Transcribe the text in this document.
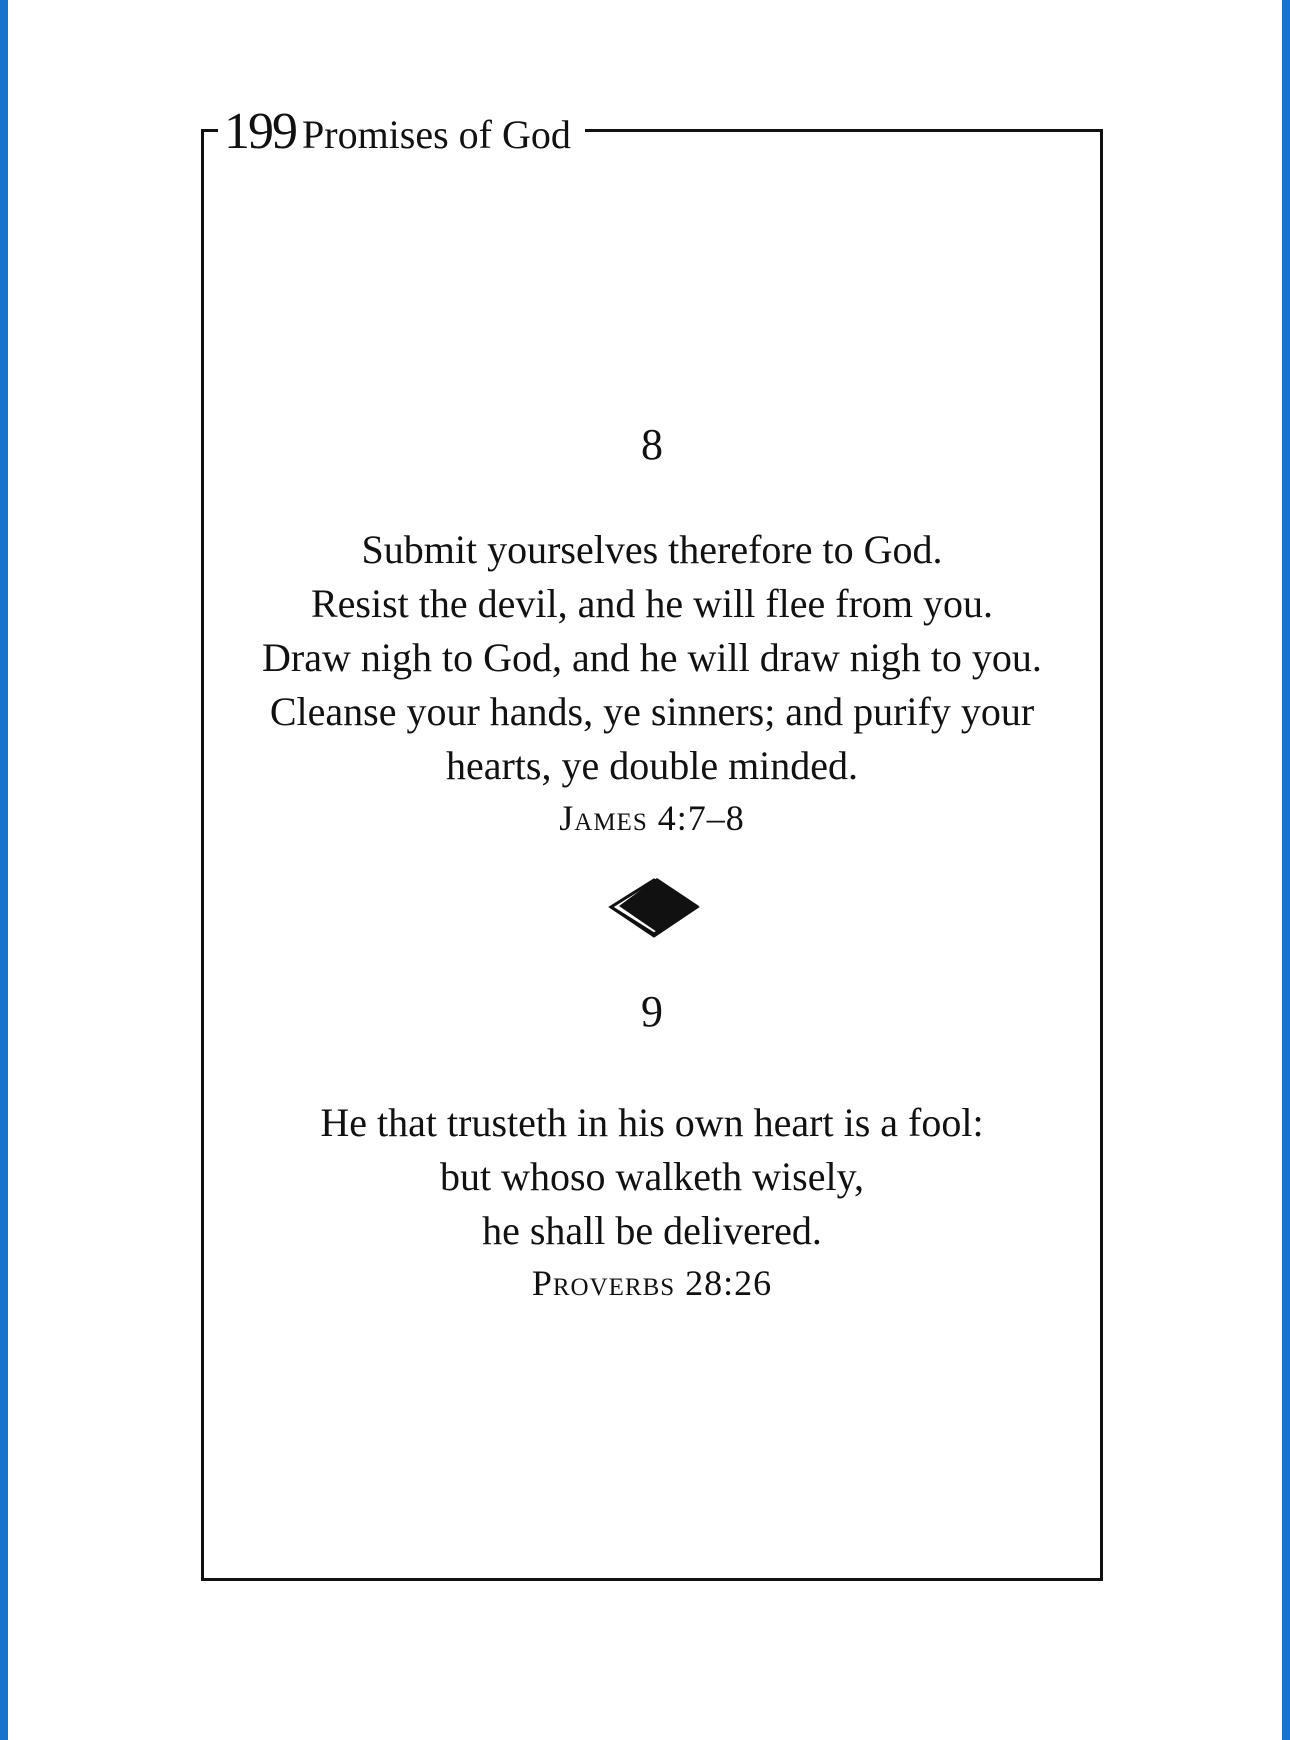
199 Promises of God

8

Submit yourselves therefore to God.

Resist the devil, and he will flee from you.

Draw nigh to God, and he will draw nigh to you.

Cleanse your hands, ye sinners; and purify your

hearts, ye double minded.

James 4:7–8

9

He that trusteth in his own heart is a fool:

but whoso walketh wisely,

he shall be delivered.

Proverbs 28:26
